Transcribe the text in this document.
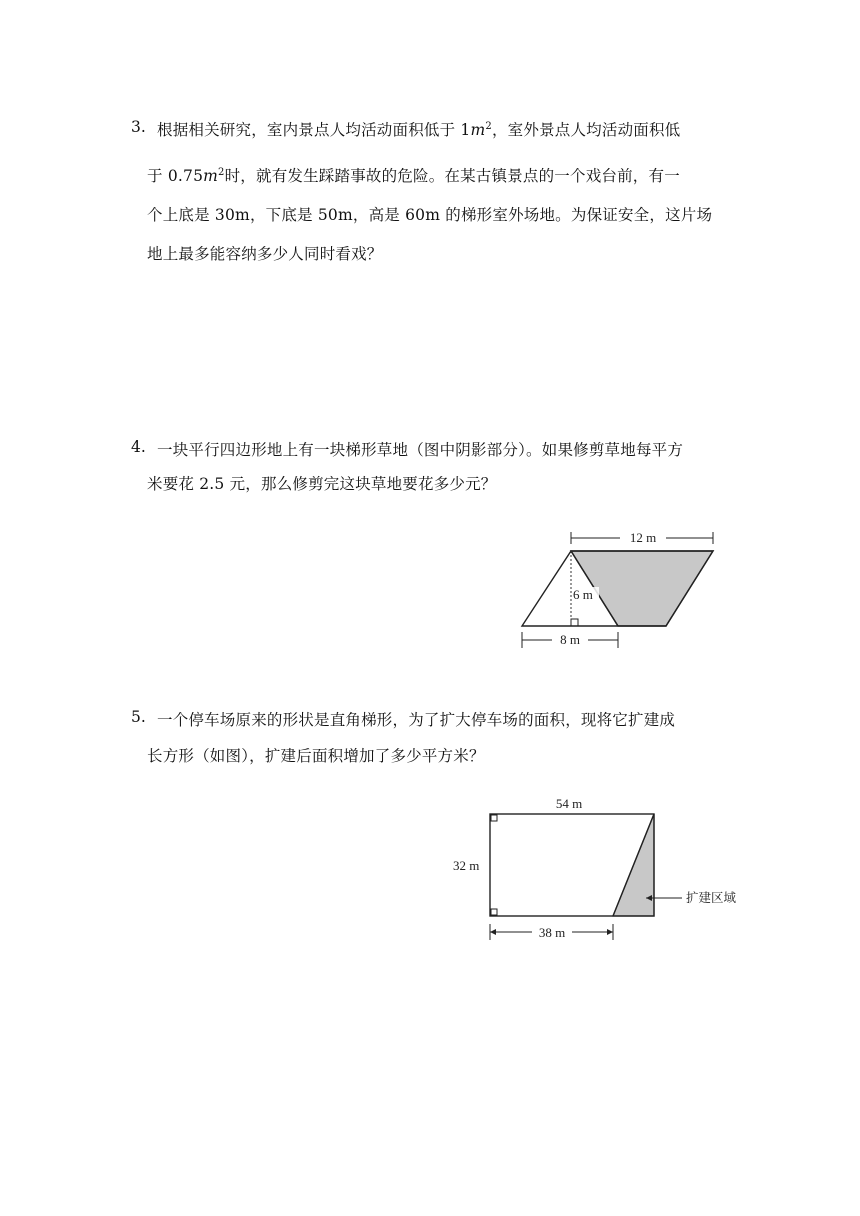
3. 根据相关研究，室内景点人均活动面积低于 $1m^2$，室外景点人均活动面积低
于 $0.75m^2$时，就有发生踩踏事故的危险。在某古镇景点的一个戏台前，有一
个上底是 30m，下底是 50m，高是 60m 的梯形室外场地。为保证安全，这片场
地上最多能容纳多少人同时看戏？
4. 一块平行四边形地上有一块梯形草地（图中阴影部分）。如果修剪草地每平方
米要花 2.5 元，那么修剪完这块草地要花多少元？
12 m
6 m
8 m
5. 一个停车场原来的形状是直角梯形，为了扩大停车场的面积，现将它扩建成
长方形（如图），扩建后面积增加了多少平方米？
54 m
32 m
38 m
扩建区域
